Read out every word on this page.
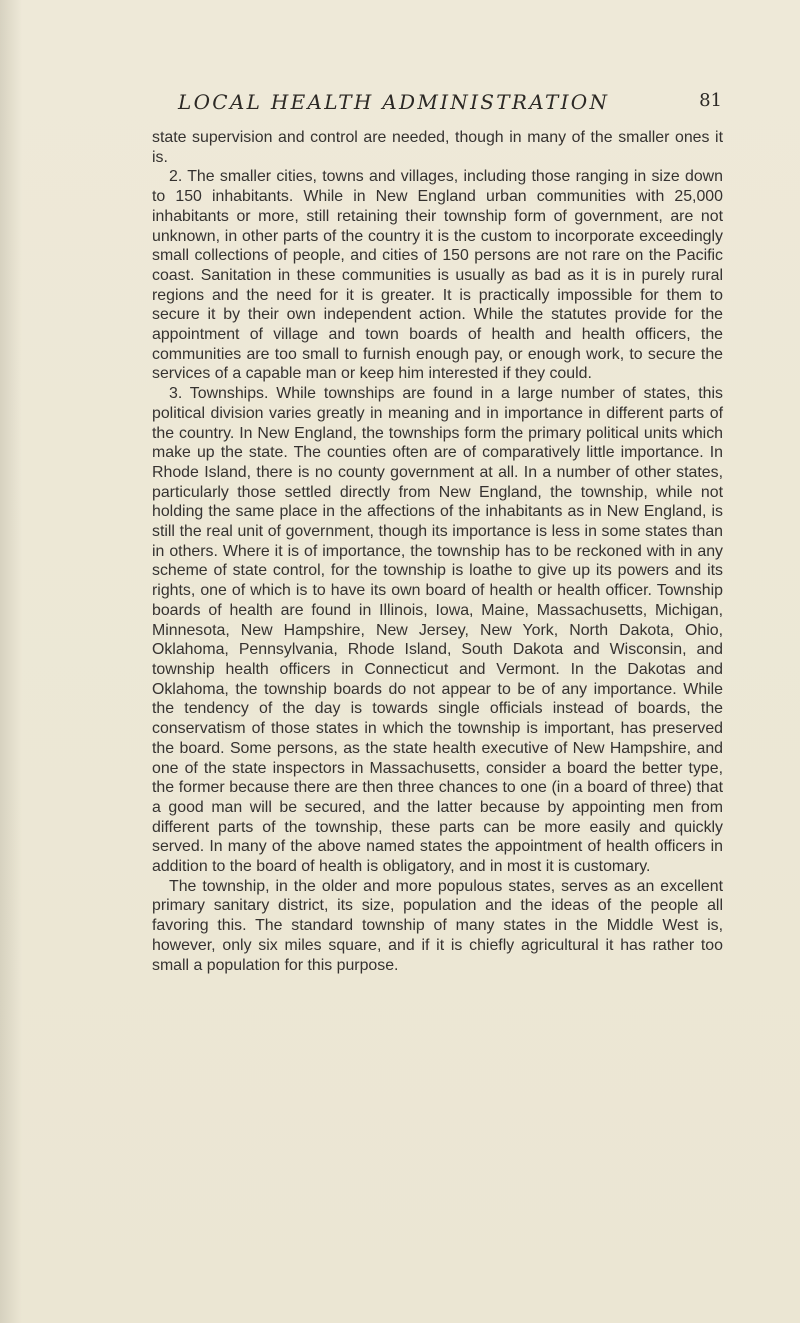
LOCAL HEALTH ADMINISTRATION	81

state supervision and control are needed, though in many of the smaller ones it is.

2. The smaller cities, towns and villages, including those ranging in size down to 150 inhabitants. While in New England urban communities with 25,000 inhabitants or more, still retaining their township form of government, are not unknown, in other parts of the country it is the custom to incorporate exceedingly small collections of people, and cities of 150 persons are not rare on the Pacific coast. Sanitation in these communities is usually as bad as it is in purely rural regions and the need for it is greater. It is practically impossible for them to secure it by their own independent action. While the statutes provide for the appointment of village and town boards of health and health officers, the communities are too small to furnish enough pay, or enough work, to secure the services of a capable man or keep him interested if they could.

3. Townships. While townships are found in a large number of states, this political division varies greatly in meaning and in importance in different parts of the country. In New England, the townships form the primary political units which make up the state. The counties often are of comparatively little importance. In Rhode Island, there is no county government at all. In a number of other states, particularly those settled directly from New England, the township, while not holding the same place in the affections of the inhabitants as in New England, is still the real unit of government, though its importance is less in some states than in others. Where it is of importance, the township has to be reckoned with in any scheme of state control, for the township is loathe to give up its powers and its rights, one of which is to have its own board of health or health officer. Township boards of health are found in Illinois, Iowa, Maine, Massachusetts, Michigan, Minnesota, New Hampshire, New Jersey, New York, North Dakota, Ohio, Oklahoma, Pennsylvania, Rhode Island, South Dakota and Wisconsin, and township health officers in Connecticut and Vermont. In the Dakotas and Oklahoma, the township boards do not appear to be of any importance. While the tendency of the day is towards single officials instead of boards, the conservatism of those states in which the township is important, has preserved the board. Some persons, as the state health executive of New Hampshire, and one of the state inspectors in Massachusetts, consider a board the better type, the former because there are then three chances to one (in a board of three) that a good man will be secured, and the latter because by appointing men from different parts of the township, these parts can be more easily and quickly served. In many of the above named states the appointment of health officers in addition to the board of health is obligatory, and in most it is customary.

The township, in the older and more populous states, serves as an excellent primary sanitary district, its size, population and the ideas of the people all favoring this. The standard township of many states in the Middle West is, however, only six miles square, and if it is chiefly agricultural it has rather too small a population for this purpose.
